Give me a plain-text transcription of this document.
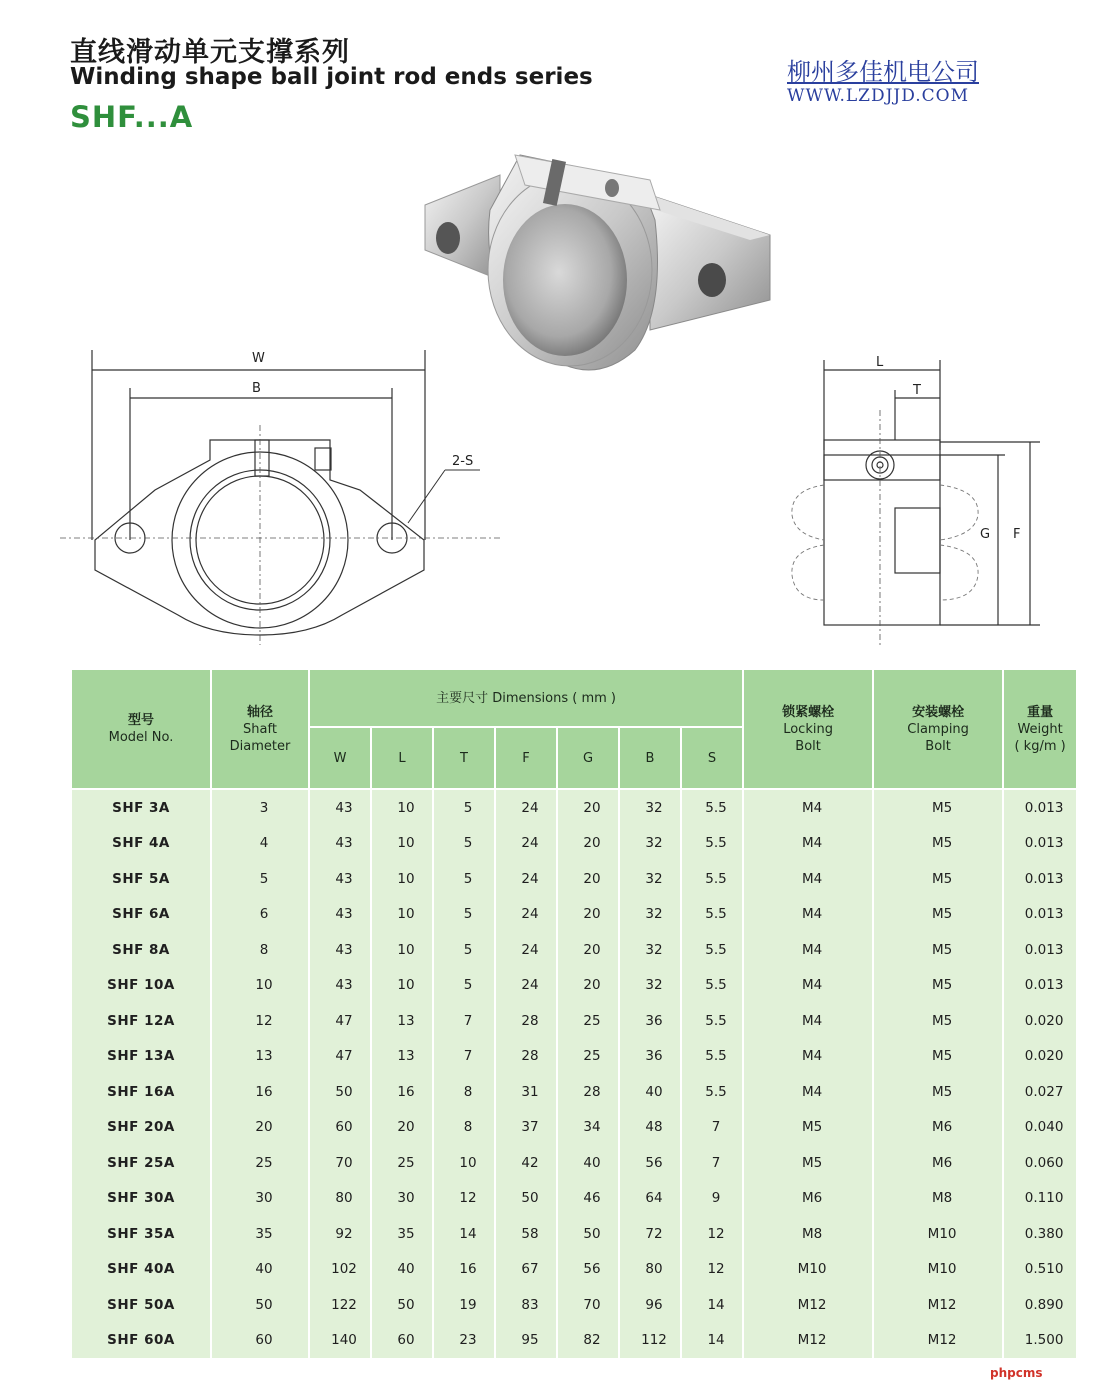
直线滑动单元支撑系列
Winding shape ball joint rod ends series
SHF...A
柳州多佳机电公司
WWW.LZDJJD.COM
W
B
2-S
L
T
G F
型号
Model No.	轴径
Shaft
Diameter	主要尺寸 Dimensions ( mm )							锁紧螺栓
Locking
Bolt	安装螺栓
Clamping
Bolt	重量
Weight
( kg/m )

		W	L	T	F	G	B	S			
SHF 3A	3	43	10	5	24	20	32	5.5	M4	M5	0.013
SHF 4A	4	43	10	5	24	20	32	5.5	M4	M5	0.013
SHF 5A	5	43	10	5	24	20	32	5.5	M4	M5	0.013
SHF 6A	6	43	10	5	24	20	32	5.5	M4	M5	0.013
SHF 8A	8	43	10	5	24	20	32	5.5	M4	M5	0.013
SHF 10A	10	43	10	5	24	20	32	5.5	M4	M5	0.013
SHF 12A	12	47	13	7	28	25	36	5.5	M4	M5	0.020
SHF 13A	13	47	13	7	28	25	36	5.5	M4	M5	0.020
SHF 16A	16	50	16	8	31	28	40	5.5	M4	M5	0.027
SHF 20A	20	60	20	8	37	34	48	7	M5	M6	0.040
SHF 25A	25	70	25	10	42	40	56	7	M5	M6	0.060
SHF 30A	30	80	30	12	50	46	64	9	M6	M8	0.110
SHF 35A	35	92	35	14	58	50	72	12	M8	M10	0.380
SHF 40A	40	102	40	16	67	56	80	12	M10	M10	0.510
SHF 50A	50	122	50	19	83	70	96	14	M12	M12	0.890
SHF 60A	60	140	60	23	95	82	112	14	M12	M12	1.500
phpcms
